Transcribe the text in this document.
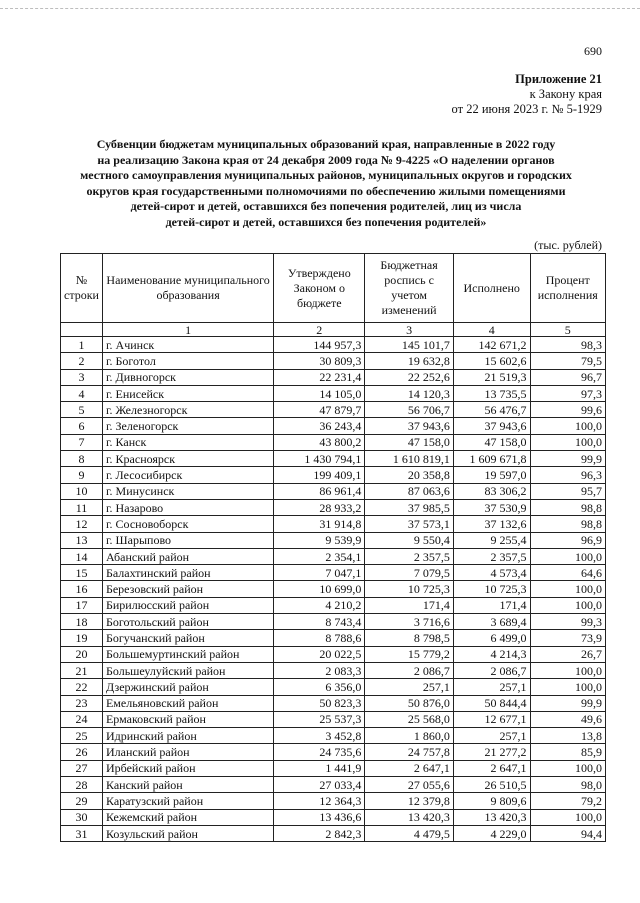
690
Приложение 21
к Закону края
от 22 июня 2023 г. № 5-1929
Субвенции бюджетам муниципальных образований края, направленные в 2022 году
на реализацию Закона края от 24 декабря 2009 года № 9-4225 «О наделении органов
местного самоуправления муниципальных районов, муниципальных округов и городских
округов края государственными полномочиями по обеспечению жилыми помещениями
детей-сирот и детей, оставшихся без попечения родителей, лиц из числа
детей-сирот и детей, оставшихся без попечения родителей»
(тыс. рублей)
№ строки	Наименование муниципального образования	Утверждено Законом о бюджете	Бюджетная роспись с учетом изменений	Исполнено	Процент исполнения
	1	2	3	4	5
1	г. Ачинск	144 957,3	145 101,7	142 671,2	98,3
2	г. Боготол	30 809,3	19 632,8	15 602,6	79,5
3	г. Дивногорск	22 231,4	22 252,6	21 519,3	96,7
4	г. Енисейск	14 105,0	14 120,3	13 735,5	97,3
5	г. Железногорск	47 879,7	56 706,7	56 476,7	99,6
6	г. Зеленогорск	36 243,4	37 943,6	37 943,6	100,0
7	г. Канск	43 800,2	47 158,0	47 158,0	100,0
8	г. Красноярск	1 430 794,1	1 610 819,1	1 609 671,8	99,9
9	г. Лесосибирск	199 409,1	20 358,8	19 597,0	96,3
10	г. Минусинск	86 961,4	87 063,6	83 306,2	95,7
11	г. Назарово	28 933,2	37 985,5	37 530,9	98,8
12	г. Сосновоборск	31 914,8	37 573,1	37 132,6	98,8
13	г. Шарыпово	9 539,9	9 550,4	9 255,4	96,9
14	Абанский район	2 354,1	2 357,5	2 357,5	100,0
15	Балахтинский район	7 047,1	7 079,5	4 573,4	64,6
16	Березовский район	10 699,0	10 725,3	10 725,3	100,0
17	Бирилюсский район	4 210,2	171,4	171,4	100,0
18	Боготольский район	8 743,4	3 716,6	3 689,4	99,3
19	Богучанский район	8 788,6	8 798,5	6 499,0	73,9
20	Большемуртинский район	20 022,5	15 779,2	4 214,3	26,7
21	Большеулуйский район	2 083,3	2 086,7	2 086,7	100,0
22	Дзержинский район	6 356,0	257,1	257,1	100,0
23	Емельяновский район	50 823,3	50 876,0	50 844,4	99,9
24	Ермаковский район	25 537,3	25 568,0	12 677,1	49,6
25	Идринский район	3 452,8	1 860,0	257,1	13,8
26	Иланский район	24 735,6	24 757,8	21 277,2	85,9
27	Ирбейский район	1 441,9	2 647,1	2 647,1	100,0
28	Канский район	27 033,4	27 055,6	26 510,5	98,0
29	Каратузский район	12 364,3	12 379,8	9 809,6	79,2
30	Кежемский район	13 436,6	13 420,3	13 420,3	100,0
31	Козульский район	2 842,3	4 479,5	4 229,0	94,4
